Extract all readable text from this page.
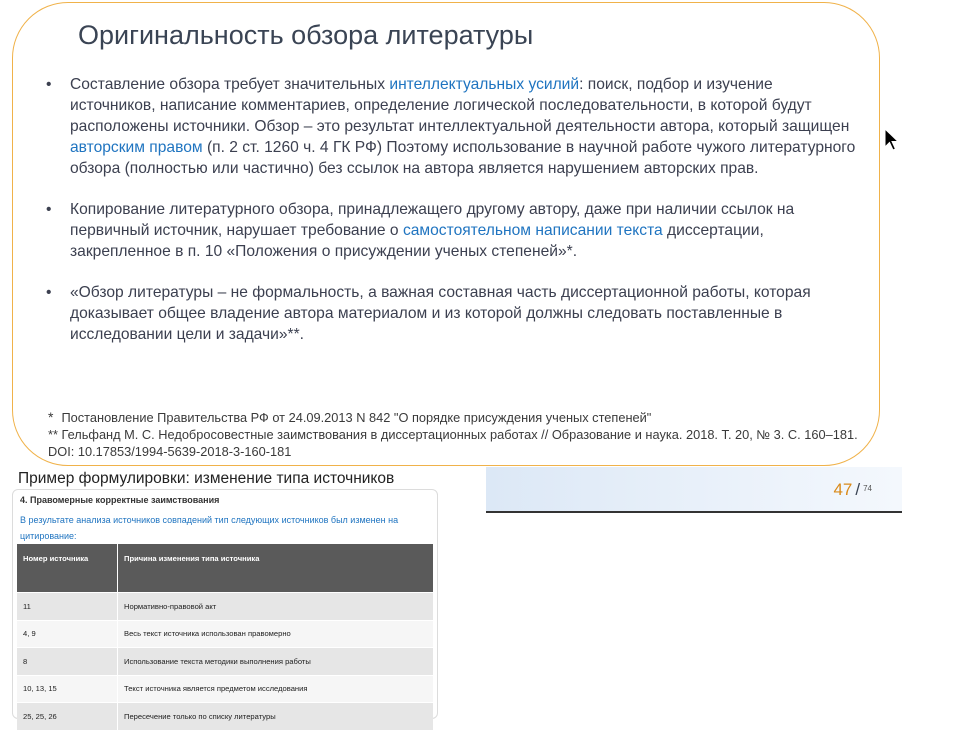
Оригинальность обзора литературы
• Составление обзора требует значительных интеллектуальных усилий: поиск, подбор и изучение источников, написание комментариев, определение логической последовательности, в которой будут расположены источники. Обзор – это результат интеллектуальной деятельности автора, который защищен авторским правом (п. 2 ст. 1260 ч. 4 ГК РФ) Поэтому использование в научной работе чужого литературного обзора (полностью или частично) без ссылок на автора является нарушением авторских прав.
• Копирование литературного обзора, принадлежащего другому автору, даже при наличии ссылок на первичный источник, нарушает требование о самостоятельном написании текста диссертации, закрепленное в п. 10 «Положения о присуждении ученых степеней»*.
• «Обзор литературы – не формальность, а важная составная часть диссертационной работы, которая доказывает общее владение автора материалом и из которой должны следовать поставленные в исследовании цели и задачи»**.
* Постановление Правительства РФ от 24.09.2013 N 842 "О порядке присуждения ученых степеней"
** Гельфанд М. С. Недобросовестные заимствования в диссертационных работах // Образование и наука. 2018. Т. 20, № 3. С. 160–181. DOI: 10.17853/1994-5639-2018-3-160-181
47 / $^{74}$
Пример формулировки: изменение типа источников
4. Правомерные корректные заимствования
В результате анализа источников совпадений тип следующих источников был изменен на цитирование:
Номер источника	Причина изменения типа источника
11	Нормативно-правовой акт
4, 9	Весь текст источника использован правомерно
8	Использование текста методики выполнения работы
10, 13, 15	Текст источника является предметом исследования
25, 25, 26	Пересечение только по списку литературы
